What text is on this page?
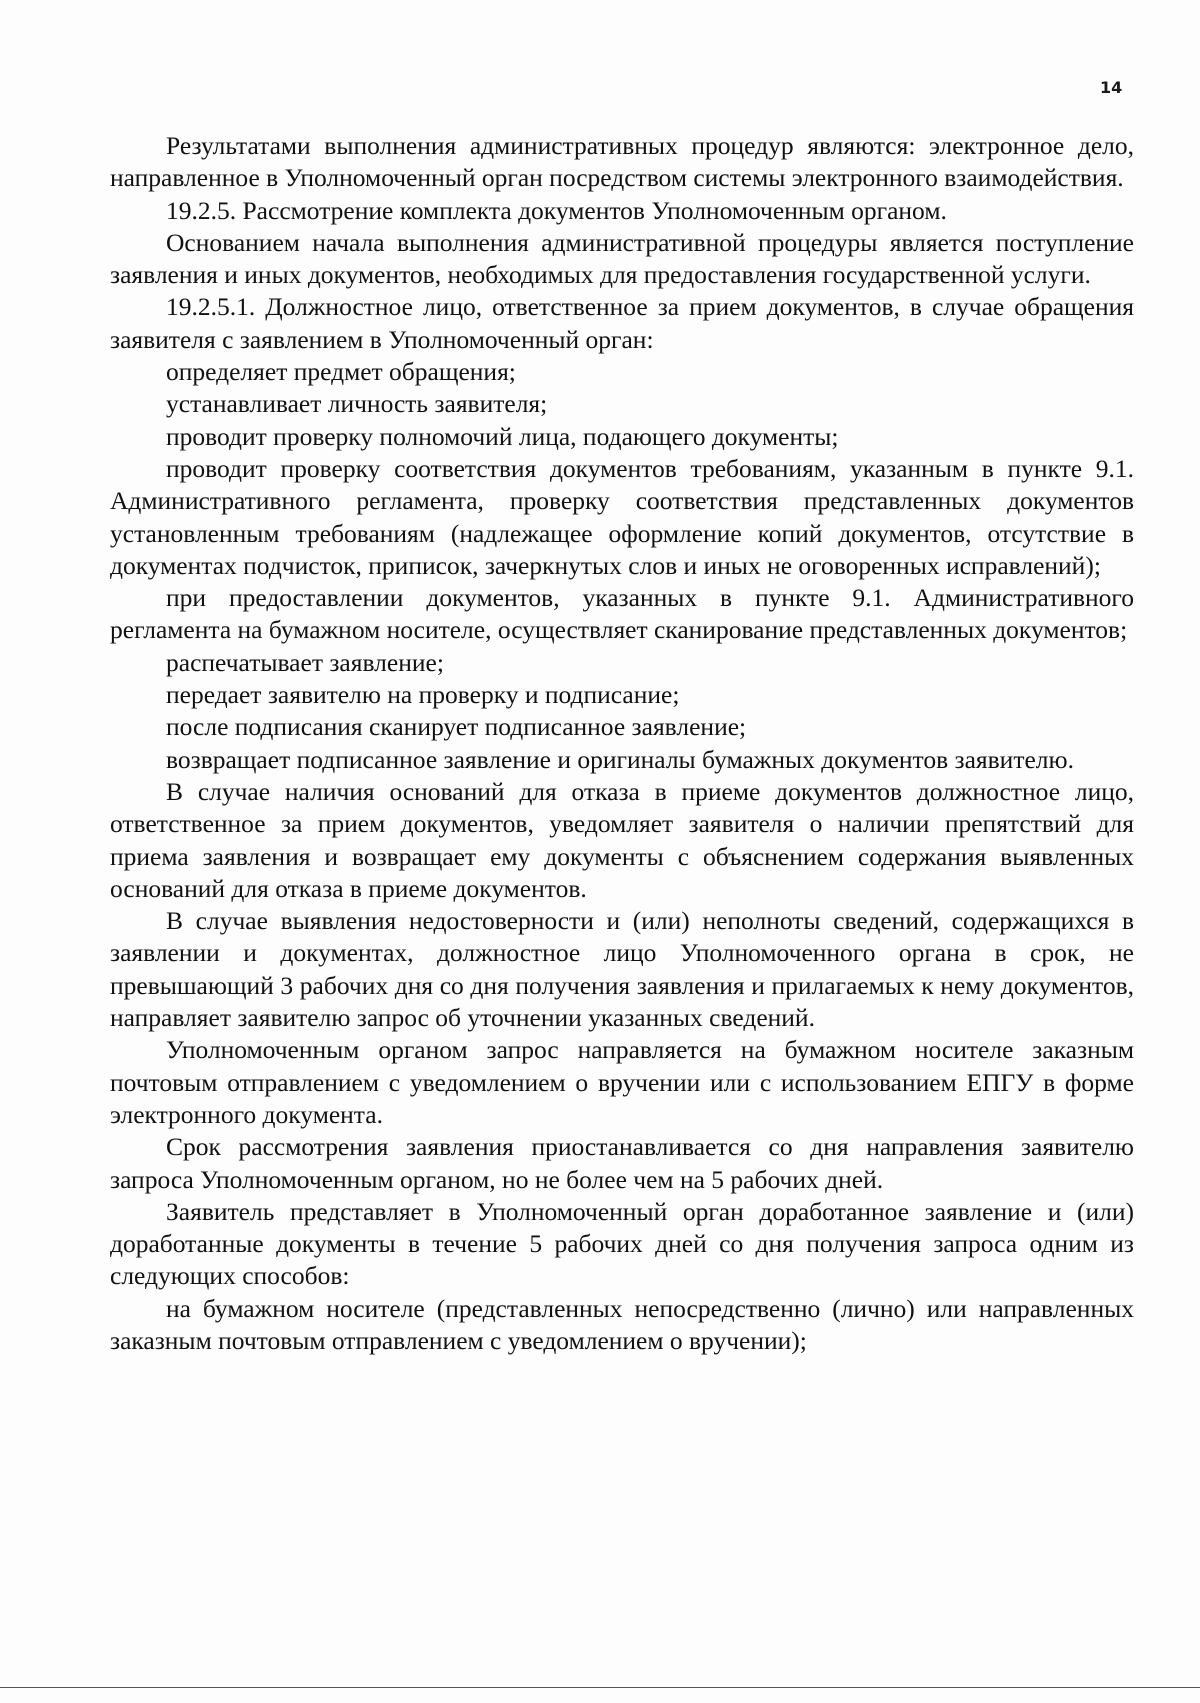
14

Результатами выполнения административных процедур являются: электронное дело, направленное в Уполномоченный орган посредством системы электронного взаимодействия.

19.2.5. Рассмотрение комплекта документов Уполномоченным органом.

Основанием начала выполнения административной процедуры является поступление заявления и иных документов, необходимых для предоставления государственной услуги.

19.2.5.1. Должностное лицо, ответственное за прием документов, в случае обращения заявителя с заявлением в Уполномоченный орган:

определяет предмет обращения;

устанавливает личность заявителя;

проводит проверку полномочий лица, подающего документы;

проводит проверку соответствия документов требованиям, указанным в пункте 9.1. Административного регламента, проверку соответствия представленных документов установленным требованиям (надлежащее оформление копий документов, отсутствие в документах подчисток, приписок, зачеркнутых слов и иных не оговоренных исправлений);

при предоставлении документов, указанных в пункте 9.1. Административного регламента на бумажном носителе, осуществляет сканирование представленных документов;

распечатывает заявление;

передает заявителю на проверку и подписание;

после подписания сканирует подписанное заявление;

возвращает подписанное заявление и оригиналы бумажных документов заявителю.

В случае наличия оснований для отказа в приеме документов должностное лицо, ответственное за прием документов, уведомляет заявителя о наличии препятствий для приема заявления и возвращает ему документы с объяснением содержания выявленных оснований для отказа в приеме документов.

В случае выявления недостоверности и (или) неполноты сведений, содержащихся в заявлении и документах, должностное лицо Уполномоченного органа в срок, не превышающий 3 рабочих дня со дня получения заявления и прилагаемых к нему документов, направляет заявителю запрос об уточнении указанных сведений.

Уполномоченным органом запрос направляется на бумажном носителе заказным почтовым отправлением с уведомлением о вручении или с использованием ЕПГУ в форме электронного документа.

Срок рассмотрения заявления приостанавливается со дня направления заявителю запроса Уполномоченным органом, но не более чем на 5 рабочих дней.

Заявитель представляет в Уполномоченный орган доработанное заявление и (или) доработанные документы в течение 5 рабочих дней со дня получения запроса одним из следующих способов:

на бумажном носителе (представленных непосредственно (лично) или направленных заказным почтовым отправлением с уведомлением о вручении);
